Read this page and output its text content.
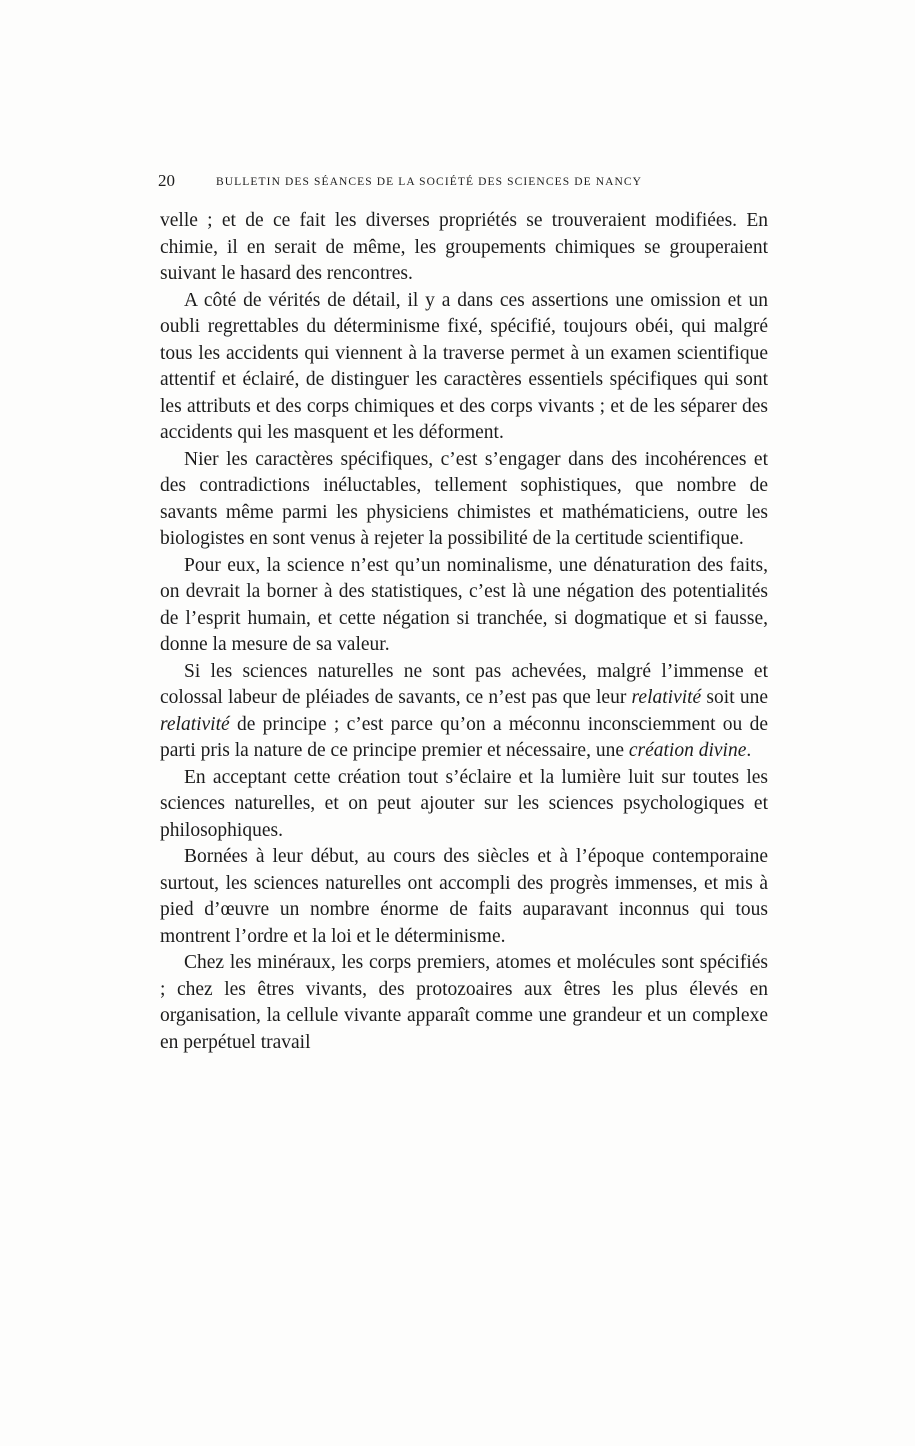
20	BULLETIN DES SÉANCES DE LA SOCIÉTÉ DES SCIENCES DE NANCY

velle ; et de ce fait les diverses propriétés se trouveraient modifiées. En chimie, il en serait de même, les groupements chimiques se grouperaient suivant le hasard des rencontres.

A côté de vérités de détail, il y a dans ces assertions une omission et un oubli regrettables du déterminisme fixé, spécifié, toujours obéi, qui malgré tous les accidents qui viennent à la traverse permet à un examen scientifique attentif et éclairé, de distinguer les caractères essentiels spécifiques qui sont les attributs et des corps chimiques et des corps vivants ; et de les séparer des accidents qui les masquent et les déforment.

Nier les caractères spécifiques, c’est s’engager dans des incohérences et des contradictions inéluctables, tellement sophistiques, que nombre de savants même parmi les physiciens chimistes et mathématiciens, outre les biologistes en sont venus à rejeter la possibilité de la certitude scientifique.

Pour eux, la science n’est qu’un nominalisme, une dénaturation des faits, on devrait la borner à des statistiques, c’est là une négation des potentialités de l’esprit humain, et cette négation si tranchée, si dogmatique et si fausse, donne la mesure de sa valeur.

Si les sciences naturelles ne sont pas achevées, malgré l’immense et colossal labeur de pléiades de savants, ce n’est pas que leur relativité soit une relativité de principe ; c’est parce qu’on a méconnu inconsciemment ou de parti pris la nature de ce principe premier et nécessaire, une création divine.

En acceptant cette création tout s’éclaire et la lumière luit sur toutes les sciences naturelles, et on peut ajouter sur les sciences psychologiques et philosophiques.

Bornées à leur début, au cours des siècles et à l’époque contemporaine surtout, les sciences naturelles ont accompli des progrès immenses, et mis à pied d’œuvre un nombre énorme de faits auparavant inconnus qui tous montrent l’ordre et la loi et le déterminisme.

Chez les minéraux, les corps premiers, atomes et molécules sont spécifiés ; chez les êtres vivants, des protozoaires aux êtres les plus élevés en organisation, la cellule vivante apparaît comme une grandeur et un complexe en perpétuel travail
